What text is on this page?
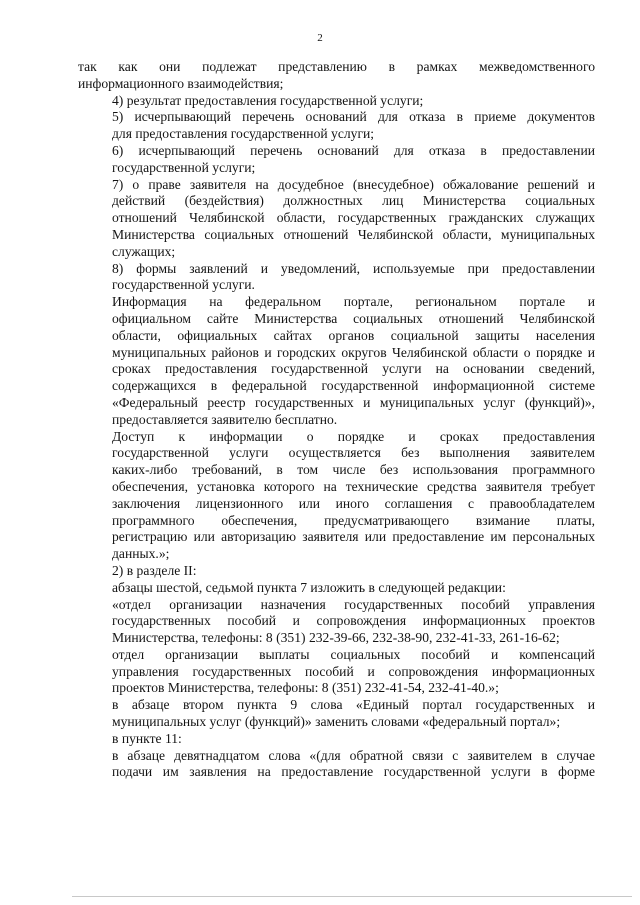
2
так как они подлежат представлению в рамках межведомственного
информационного взаимодействия;
4) результат предоставления государственной услуги;
5) исчерпывающий перечень оснований для отказа в приеме документов
для предоставления государственной услуги;
6) исчерпывающий перечень оснований для отказа в предоставлении
государственной услуги;
7) о праве заявителя на досудебное (внесудебное) обжалование решений и
действий (бездействия) должностных лиц Министерства социальных
отношений Челябинской области, государственных гражданских служащих
Министерства социальных отношений Челябинской области, муниципальных
служащих;
8) формы заявлений и уведомлений, используемые при предоставлении
государственной услуги.
Информация на федеральном портале, региональном портале и
официальном сайте Министерства социальных отношений Челябинской
области, официальных сайтах органов социальной защиты населения
муниципальных районов и городских округов Челябинской области о порядке и
сроках предоставления государственной услуги на основании сведений,
содержащихся в федеральной государственной информационной системе
«Федеральный реестр государственных и муниципальных услуг (функций)»,
предоставляется заявителю бесплатно.
Доступ к информации о порядке и сроках предоставления
государственной услуги осуществляется без выполнения заявителем
каких-либо требований, в том числе без использования программного
обеспечения, установка которого на технические средства заявителя требует
заключения лицензионного или иного соглашения с правообладателем
программного обеспечения, предусматривающего взимание платы,
регистрацию или авторизацию заявителя или предоставление им персональных
данных.»;
2) в разделе II:
абзацы шестой, седьмой пункта 7 изложить в следующей редакции:
«отдел организации назначения государственных пособий управления
государственных пособий и сопровождения информационных проектов
Министерства, телефоны: 8 (351) 232-39-66, 232-38-90, 232-41-33, 261-16-62;
отдел организации выплаты социальных пособий и компенсаций
управления государственных пособий и сопровождения информационных
проектов Министерства, телефоны: 8 (351) 232-41-54, 232-41-40.»;
в абзаце втором пункта 9 слова «Единый портал государственных и
муниципальных услуг (функций)» заменить словами «федеральный портал»;
в пункте 11:
в абзаце девятнадцатом слова «(для обратной связи с заявителем в случае
подачи им заявления на предоставление государственной услуги в форме
